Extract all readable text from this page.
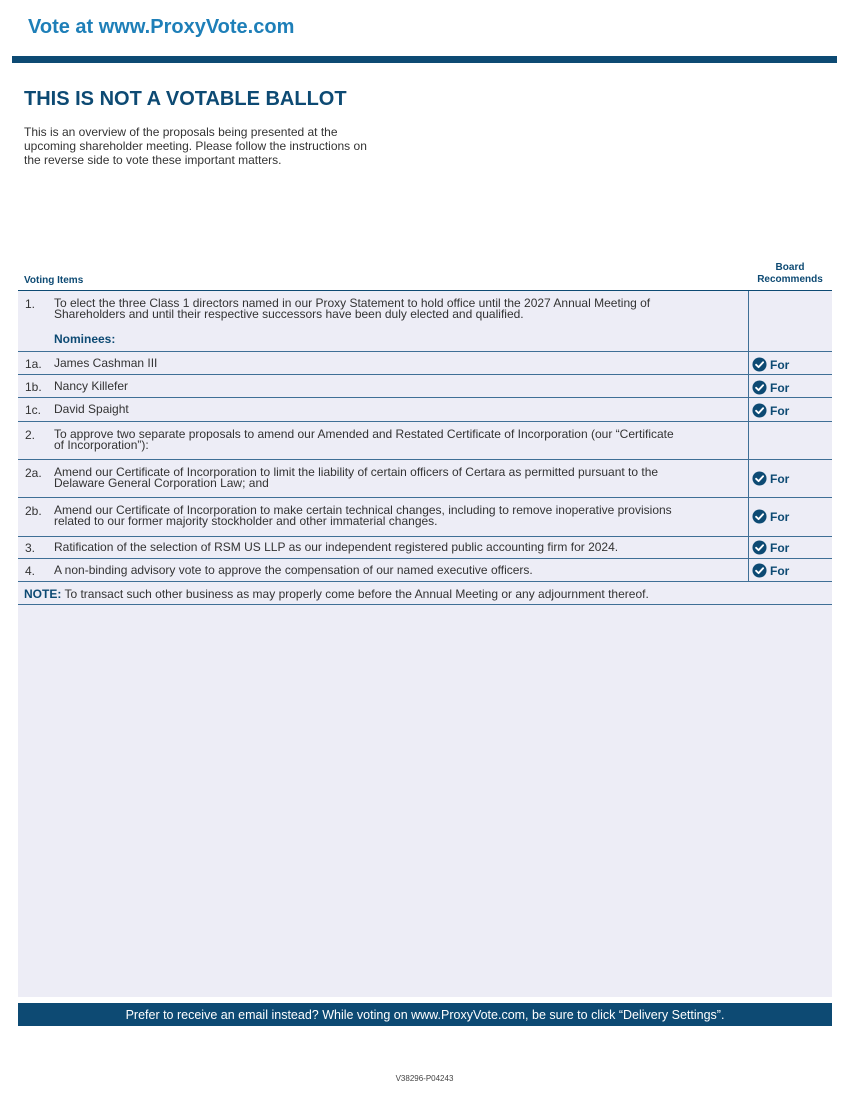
Vote at www.ProxyVote.com
THIS IS NOT A VOTABLE BALLOT
This is an overview of the proposals being presented at the
upcoming shareholder meeting. Please follow the instructions on
the reverse side to vote these important matters.
Voting Items
Board
Recommends
1. To elect the three Class 1 directors named in our Proxy Statement to hold office until the 2027 Annual Meeting of
Shareholders and until their respective successors have been duly elected and qualified.
Nominees:
1a. James Cashman III
1b. Nancy Killefer
1c. David Spaight
2. To approve two separate proposals to amend our Amended and Restated Certificate of Incorporation (our “Certificate
of Incorporation”):
2a. Amend our Certificate of Incorporation to limit the liability of certain officers of Certara as permitted pursuant to the
Delaware General Corporation Law; and
2b. Amend our Certificate of Incorporation to make certain technical changes, including to remove inoperative provisions
related to our former majority stockholder and other immaterial changes.
3. Ratification of the selection of RSM US LLP as our independent registered public accounting firm for 2024.
4. A non-binding advisory vote to approve the compensation of our named executive officers.
NOTE: To transact such other business as may properly come before the Annual Meeting or any adjournment thereof.
For
For
For
For
For
For
For
Prefer to receive an email instead? While voting on www.ProxyVote.com, be sure to click “Delivery Settings”.
V38296-P04243
